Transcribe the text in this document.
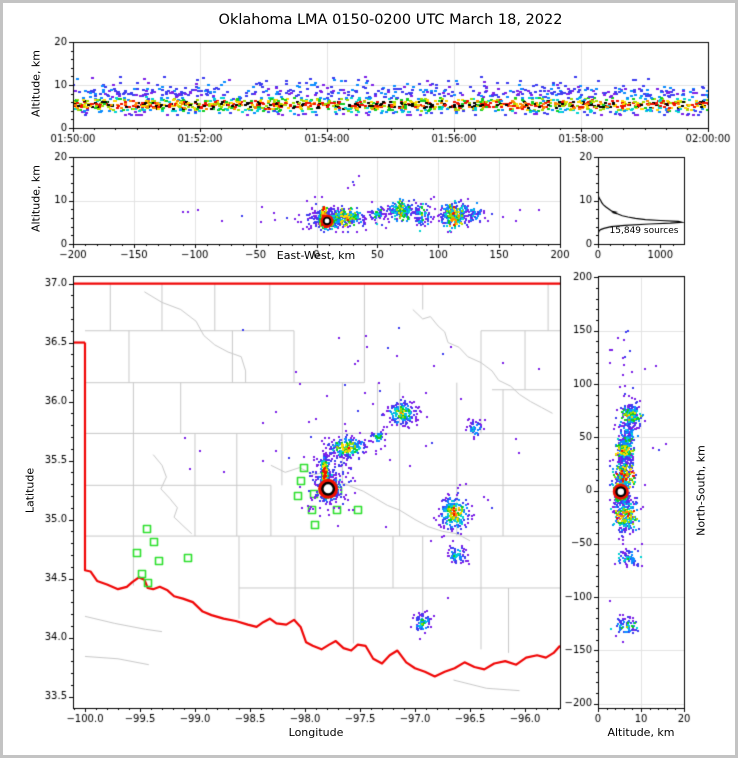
Oklahoma LMA 0150-0200 UTC March 18, 2022
Altitude, km
Altitude, km
East-West, km
15,849 sources
Latitude
Longitude
North-South, km
Altitude, km
